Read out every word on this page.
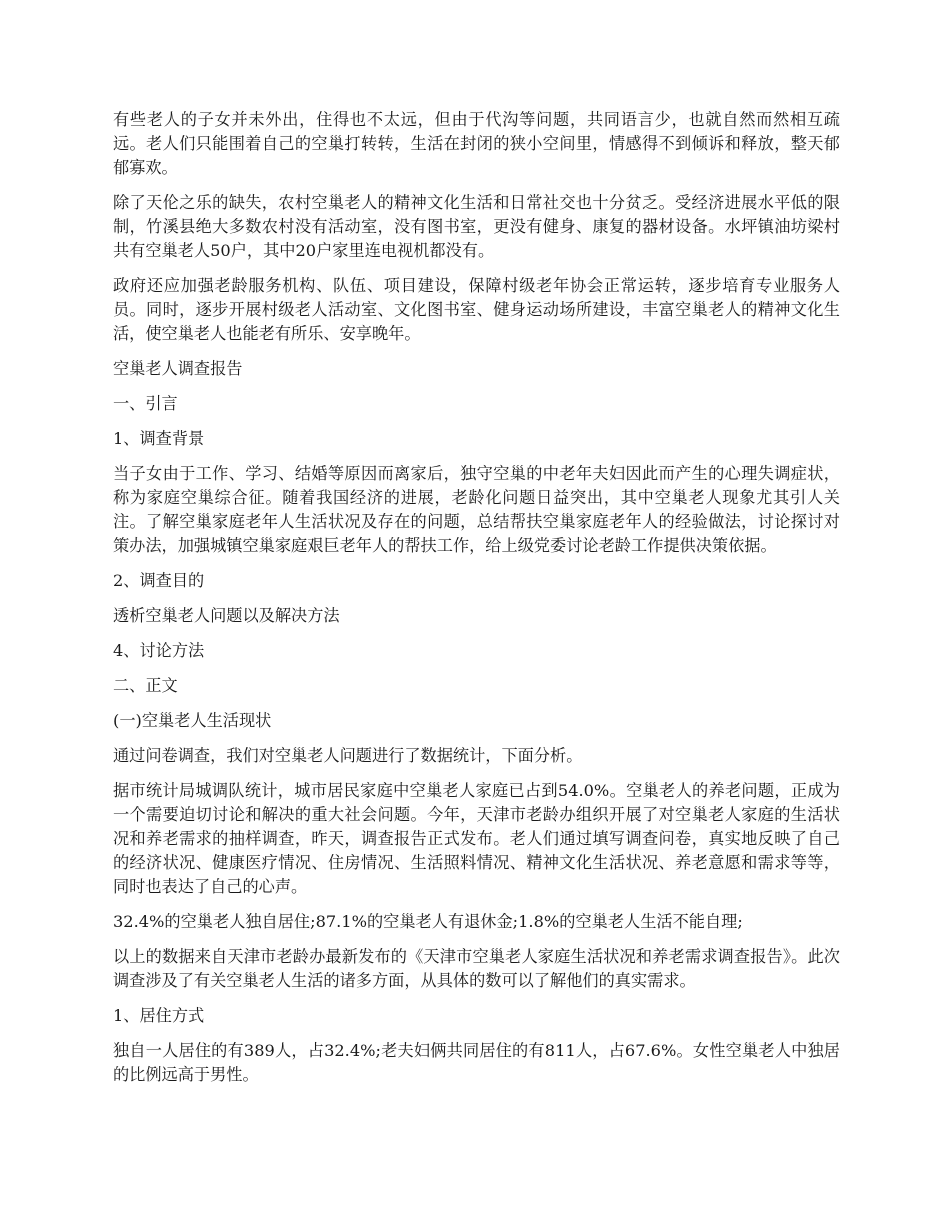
有些老人的子女并未外出，住得也不太远，但由于代沟等问题，共同语言少，也就自然而然相互疏远。老人们只能围着自己的空巢打转转，生活在封闭的狭小空间里，情感得不到倾诉和释放，整天郁郁寡欢。

除了天伦之乐的缺失，农村空巢老人的精神文化生活和日常社交也十分贫乏。受经济进展水平低的限制，竹溪县绝大多数农村没有活动室，没有图书室，更没有健身、康复的器材设备。水坪镇油坊梁村共有空巢老人50户，其中20户家里连电视机都没有。

政府还应加强老龄服务机构、队伍、项目建设，保障村级老年协会正常运转，逐步培育专业服务人员。同时，逐步开展村级老人活动室、文化图书室、健身运动场所建设，丰富空巢老人的精神文化生活，使空巢老人也能老有所乐、安享晚年。

空巢老人调查报告

一、引言

1、调查背景

当子女由于工作、学习、结婚等原因而离家后，独守空巢的中老年夫妇因此而产生的心理失调症状，称为家庭空巢综合征。随着我国经济的进展，老龄化问题日益突出，其中空巢老人现象尤其引人关注。了解空巢家庭老年人生活状况及存在的问题，总结帮扶空巢家庭老年人的经验做法，讨论探讨对策办法，加强城镇空巢家庭艰巨老年人的帮扶工作，给上级党委讨论老龄工作提供决策依据。

2、调查目的

透析空巢老人问题以及解决方法

4、讨论方法

二、正文

(一)空巢老人生活现状

通过问卷调查，我们对空巢老人问题进行了数据统计，下面分析。

据市统计局城调队统计，城市居民家庭中空巢老人家庭已占到54.0%。空巢老人的养老问题，正成为一个需要迫切讨论和解决的重大社会问题。今年，天津市老龄办组织开展了对空巢老人家庭的生活状况和养老需求的抽样调查，昨天，调查报告正式发布。老人们通过填写调查问卷，真实地反映了自己的经济状况、健康医疗情况、住房情况、生活照料情况、精神文化生活状况、养老意愿和需求等等，同时也表达了自己的心声。

32.4%的空巢老人独自居住;87.1%的空巢老人有退休金;1.8%的空巢老人生活不能自理;

以上的数据来自天津市老龄办最新发布的《天津市空巢老人家庭生活状况和养老需求调查报告》。此次调查涉及了有关空巢老人生活的诸多方面，从具体的数可以了解他们的真实需求。

1、居住方式

独自一人居住的有389人，占32.4%;老夫妇俩共同居住的有811人，占67.6%。女性空巢老人中独居的比例远高于男性。
